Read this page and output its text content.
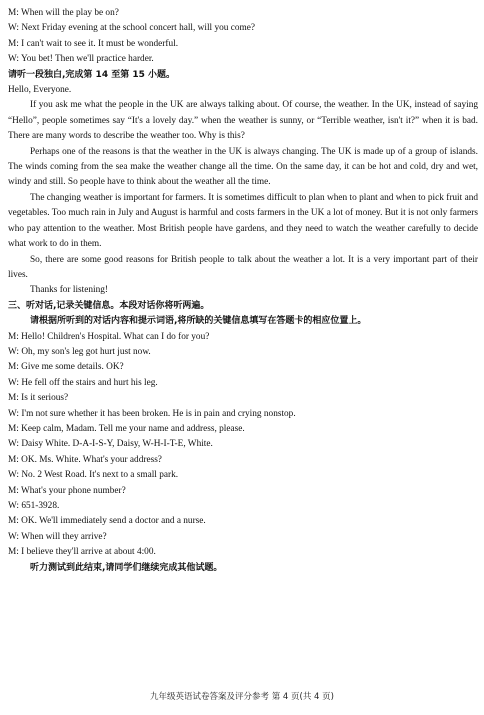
M: When will the play be on?
W: Next Friday evening at the school concert hall, will you come?
M: I can't wait to see it. It must be wonderful.
W: You bet! Then we'll practice harder.
请听一段独白,完成第 14 至第 15 小题。
Hello, Everyone.

If you ask me what the people in the UK are always talking about. Of course, the weather. In the UK, instead of saying “Hello”, people sometimes say “It's a lovely day.” when the weather is sunny, or “Terrible weather, isn't it?” when it is bad. There are many words to describe the weather too. Why is this?

Perhaps one of the reasons is that the weather in the UK is always changing. The UK is made up of a group of islands. The winds coming from the sea make the weather change all the time. On the same day, it can be hot and cold, dry and wet, windy and still. So people have to think about the weather all the time.

The changing weather is important for farmers. It is sometimes difficult to plan when to plant and when to pick fruit and vegetables. Too much rain in July and August is harmful and costs farmers in the UK a lot of money. But it is not only farmers who pay attention to the weather. Most British people have gardens, and they need to watch the weather carefully to decide what work to do in them.

So, there are some good reasons for British people to talk about the weather a lot. It is a very important part of their lives.

Thanks for listening!
三、听对话,记录关键信息。本段对话你将听两遍。
请根据所听到的对话内容和提示词语,将所缺的关键信息填写在答题卡的相应位置上。
M: Hello! Children's Hospital. What can I do for you?
W: Oh, my son's leg got hurt just now.
M: Give me some details. OK?
W: He fell off the stairs and hurt his leg.
M: Is it serious?
W: I'm not sure whether it has been broken. He is in pain and crying nonstop.
M: Keep calm, Madam. Tell me your name and address, please.
W: Daisy White. D-A-I-S-Y, Daisy, W-H-I-T-E, White.
M: OK. Ms. White. What's your address?
W: No. 2 West Road. It's next to a small park.
M: What's your phone number?
W: 651-3928.
M: OK. We'll immediately send a doctor and a nurse.
W: When will they arrive?
M: I believe they'll arrive at about 4:00.
听力测试到此结束,请同学们继续完成其他试题。
九年级英语试卷答案及评分参考 第 4 页(共 4 页)
